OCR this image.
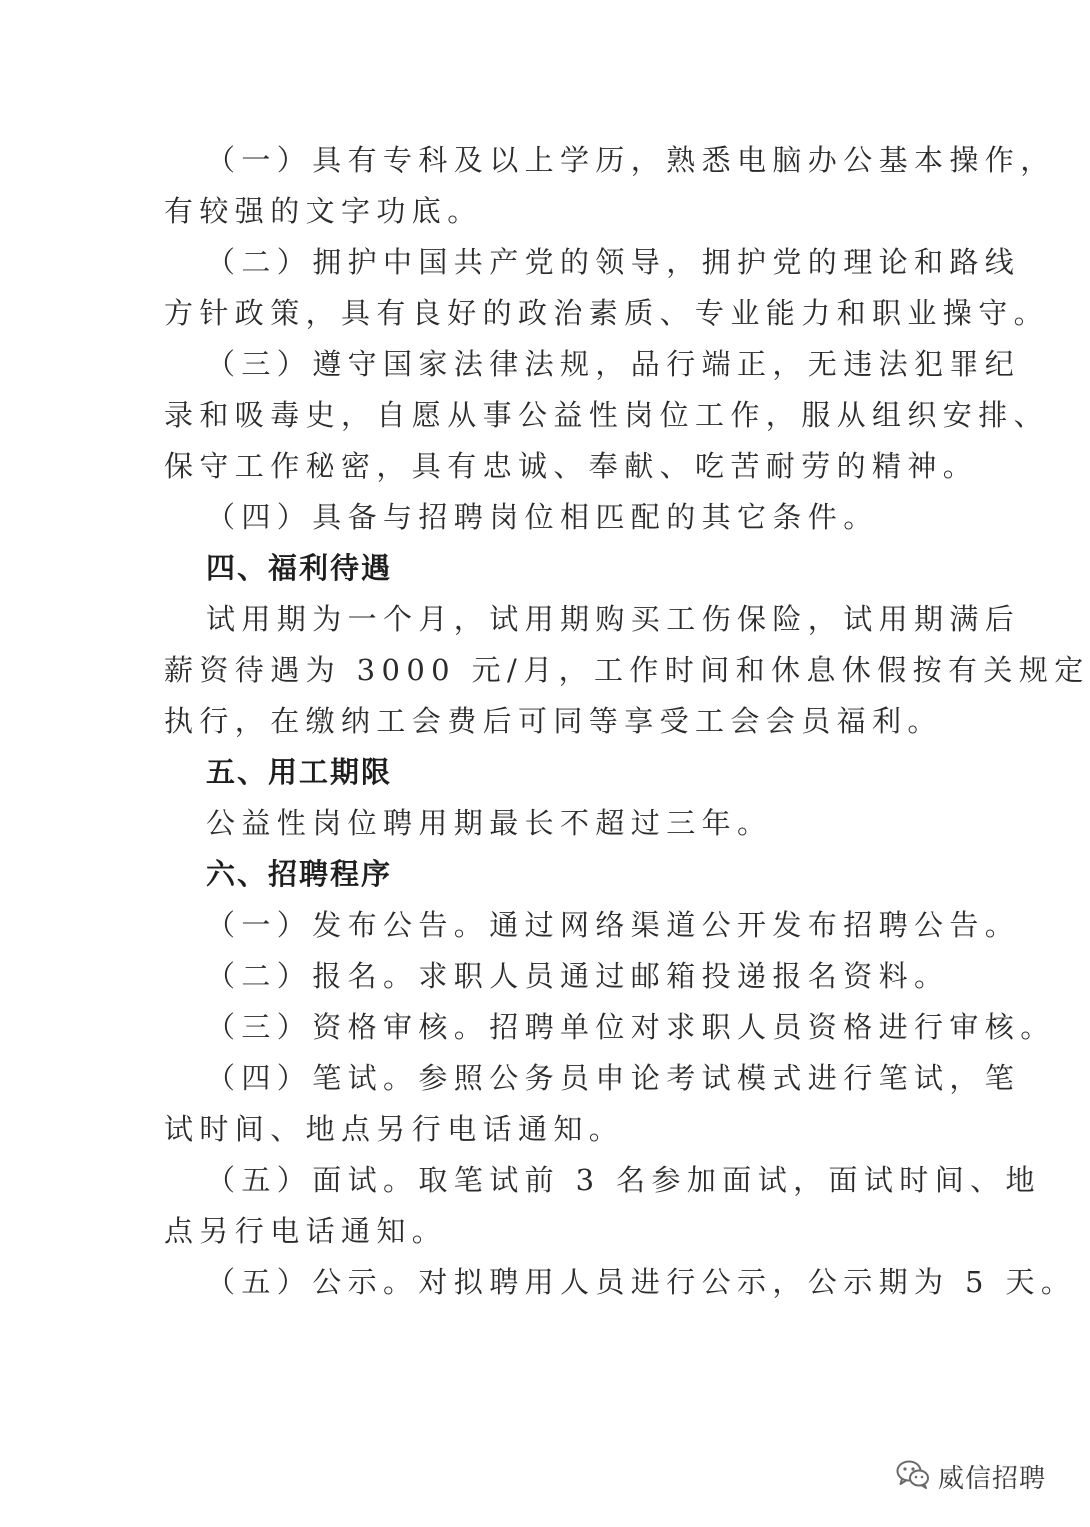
（一）具有专科及以上学历，熟悉电脑办公基本操作，
有较强的文字功底。
（二）拥护中国共产党的领导，拥护党的理论和路线
方针政策，具有良好的政治素质、专业能力和职业操守。
（三）遵守国家法律法规，品行端正，无违法犯罪纪
录和吸毒史，自愿从事公益性岗位工作，服从组织安排、
保守工作秘密，具有忠诚、奉献、吃苦耐劳的精神。
（四）具备与招聘岗位相匹配的其它条件。
四、福利待遇
试用期为一个月，试用期购买工伤保险，试用期满后
薪资待遇为 3000 元/月，工作时间和休息休假按有关规定
执行，在缴纳工会费后可同等享受工会会员福利。
五、用工期限
公益性岗位聘用期最长不超过三年。
六、招聘程序
（一）发布公告。通过网络渠道公开发布招聘公告。
（二）报名。求职人员通过邮箱投递报名资料。
（三）资格审核。招聘单位对求职人员资格进行审核。
（四）笔试。参照公务员申论考试模式进行笔试，笔
试时间、地点另行电话通知。
（五）面试。取笔试前 3 名参加面试，面试时间、地
点另行电话通知。
（五）公示。对拟聘用人员进行公示，公示期为 5 天。
威信招聘
